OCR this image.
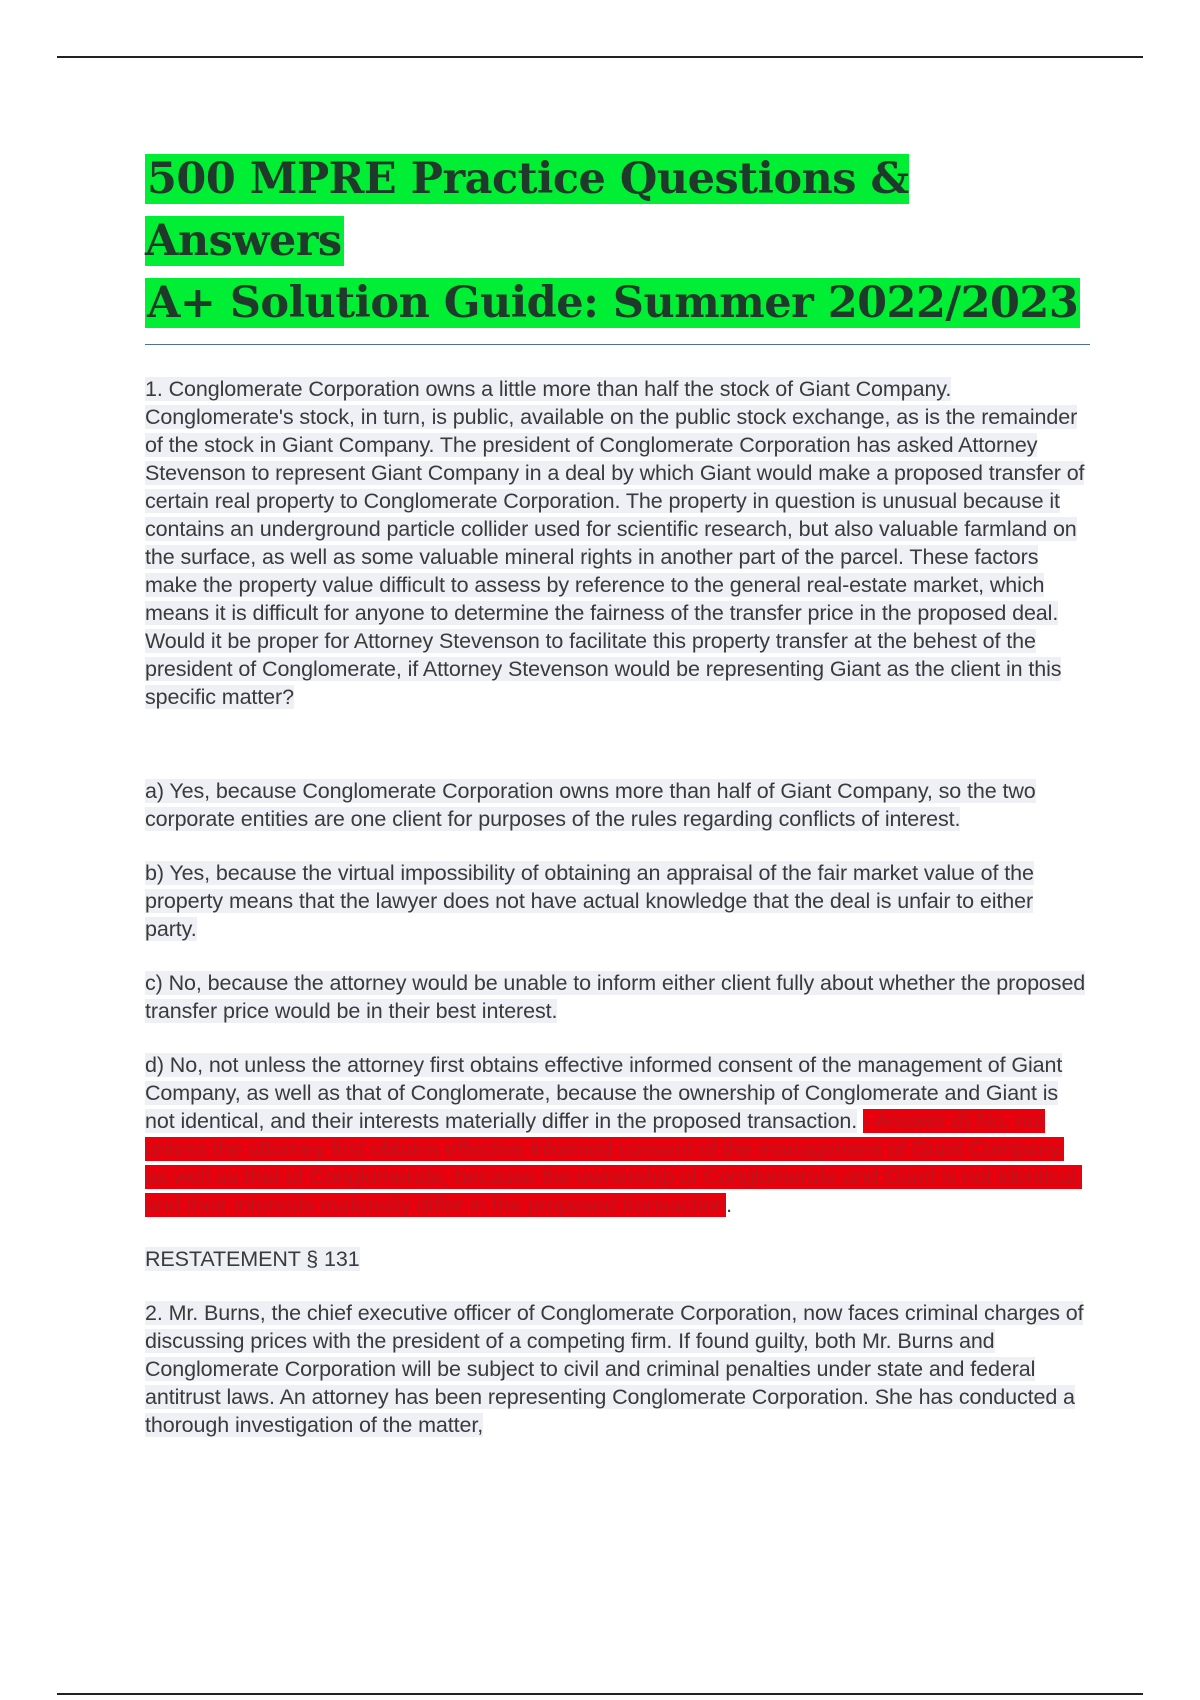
500 MPRE Practice Questions & Answers
A+ Solution Guide: Summer 2022/2023
1. Conglomerate Corporation owns a little more than half the stock of Giant Company. Conglomerate's stock, in turn, is public, available on the public stock exchange, as is the remainder of the stock in Giant Company. The president of Conglomerate Corporation has asked Attorney Stevenson to represent Giant Company in a deal by which Giant would make a proposed transfer of certain real property to Conglomerate Corporation. The property in question is unusual because it contains an underground particle collider used for scientific research, but also valuable farmland on the surface, as well as some valuable mineral rights in another part of the parcel. These factors make the property value difficult to assess by reference to the general real-estate market, which means it is difficult for anyone to determine the fairness of the transfer price in the proposed deal. Would it be proper for Attorney Stevenson to facilitate this property transfer at the behest of the president of Conglomerate, if Attorney Stevenson would be representing Giant as the client in this specific matter?
a) Yes, because Conglomerate Corporation owns more than half of Giant Company, so the two corporate entities are one client for purposes of the rules regarding conflicts of interest.
b) Yes, because the virtual impossibility of obtaining an appraisal of the fair market value of the property means that the lawyer does not have actual knowledge that the deal is unfair to either party.
c) No, because the attorney would be unable to inform either client fully about whether the proposed transfer price would be in their best interest.
d) No, not unless the attorney first obtains effective informed consent of the management of Giant Company, as well as that of Conglomerate, because the ownership of Conglomerate and Giant is not identical, and their interests materially differ in the proposed transaction. - Answer d) No, not unless the attorney first obtains effective informed consent of the management of Giant Company, as well as that of Conglomerate, because the ownership of Conglomerate and Giant is not identical, and their interests materially differ in the proposed transaction.
RESTATEMENT § 131
2. Mr. Burns, the chief executive officer of Conglomerate Corporation, now faces criminal charges of discussing prices with the president of a competing firm. If found guilty, both Mr. Burns and Conglomerate Corporation will be subject to civil and criminal penalties under state and federal antitrust laws. An attorney has been representing Conglomerate Corporation. She has conducted a thorough investigation of the matter,
